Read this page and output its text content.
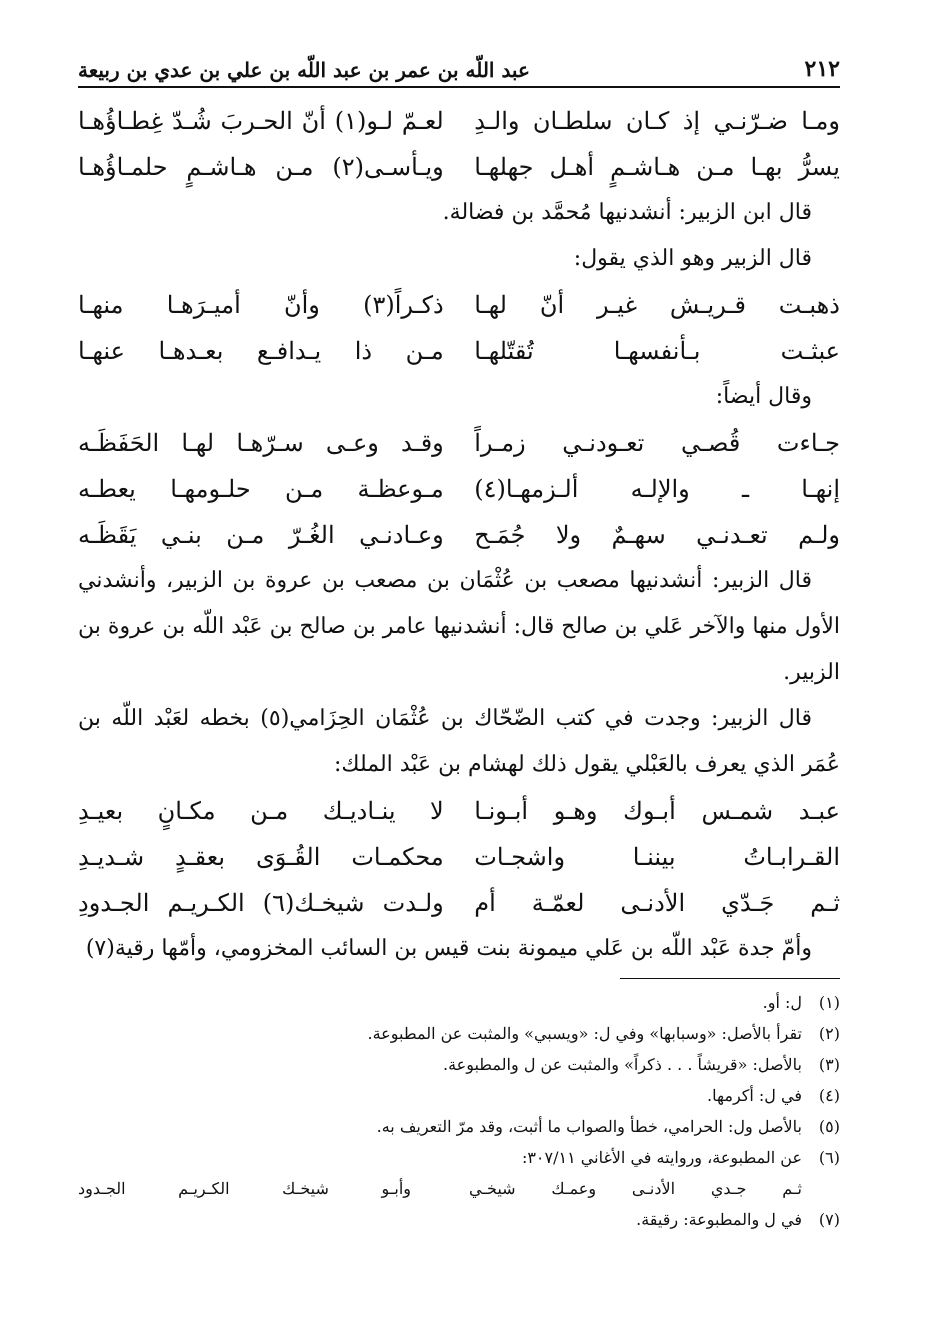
٢١٢
عبد اللّه بن عمر بن عبد اللّه بن علي بن عدي بن ربيعة
ومـا ضـرّنـي إذ كـان سلطـان والـدِ
لعـمّ لـو(١) أنّ الحـربَ شُـدّ غِطـاؤُهـا
يسرُّ بهـا مـن هـاشـمٍ أهـل جهلهـا
ويـأسـى(٢) مـن هـاشـمٍ حلمـاؤُهـا

قال ابن الزبير: أنشدنيها مُحمَّد بن فضالة.

قال الزبير وهو الذي يقول:

ذهبـت قـريـش غيـر أنّ لهـا
ذكـراً(٣) وأنّ أميـرَهـا منهـا
عبثـت بـأنفسهـا تُقتّلهـا
مـن ذا يـدافـع بعـدهـا عنهـا

وقال أيضاً:

جـاءت قُصـي تعـودنـي زمـراً
وقـد وعـى سـرّهـا لهـا الحَفَظَـه
إنهـا ـ والإلـه ألـزمهـا(٤)
مـوعظـة مـن حلـومهـا يعطـه
ولـم تعـدنـي سهـمٌ ولا جُمَـح
وعـادنـي الغُـرّ مـن بنـي يَقَظَـه

قال الزبير: أنشدنيها مصعب بن عُثْمَان بن مصعب بن عروة بن الزبير، وأنشدني الأول منها والآخر عَلي بن صالح قال: أنشدنيها عامر بن صالح بن عَبْد اللّه بن عروة بن الزبير.

قال الزبير: وجدت في كتب الضّحّاك بن عُثْمَان الحِزَامي(٥) بخطه لعَبْد اللّه بن عُمَر الذي يعرف بالعَبْلي يقول ذلك لهشام بن عَبْد الملك:

عبـد شمـس أبـوك وهـو أبـونـا
لا ينـاديـك مـن مكـانٍ بعيـدِ
القـرابـاتُ بيننـا واشجـات
محكمـات القُـوَى بعقـدٍ شـديـدِ
ثـم جَـدّي الأدنـى لعمّـة أم
ولـدت شيخـك(٦) الكـريـم الجـدودِ

وأمّ جدة عَبْد اللّه بن عَلي ميمونة بنت قيس بن السائب المخزومي، وأمّها رقية(٧)

(١)
ل: أو.
(٢)
تقرأ بالأصل: «وسبابها» وفي ل: «ويسبي» والمثبت عن المطبوعة.
(٣)
بالأصل: «قريشاً . . . ذكراً» والمثبت عن ل والمطبوعة.
(٤)
في ل: أكرمها.
(٥)
بالأصل ول: الحرامي، خطأ والصواب ما أثبت، وقد مرّ التعريف به.
(٦)
عن المطبوعة، وروايته في الأغاني ٣٠٧/١١:
ثـم جـدي الأدنـى وعمـك شيخـي
وأبـو شيخـك الكـريـم الجـدود
(٧)
في ل والمطبوعة: رقيقة.
